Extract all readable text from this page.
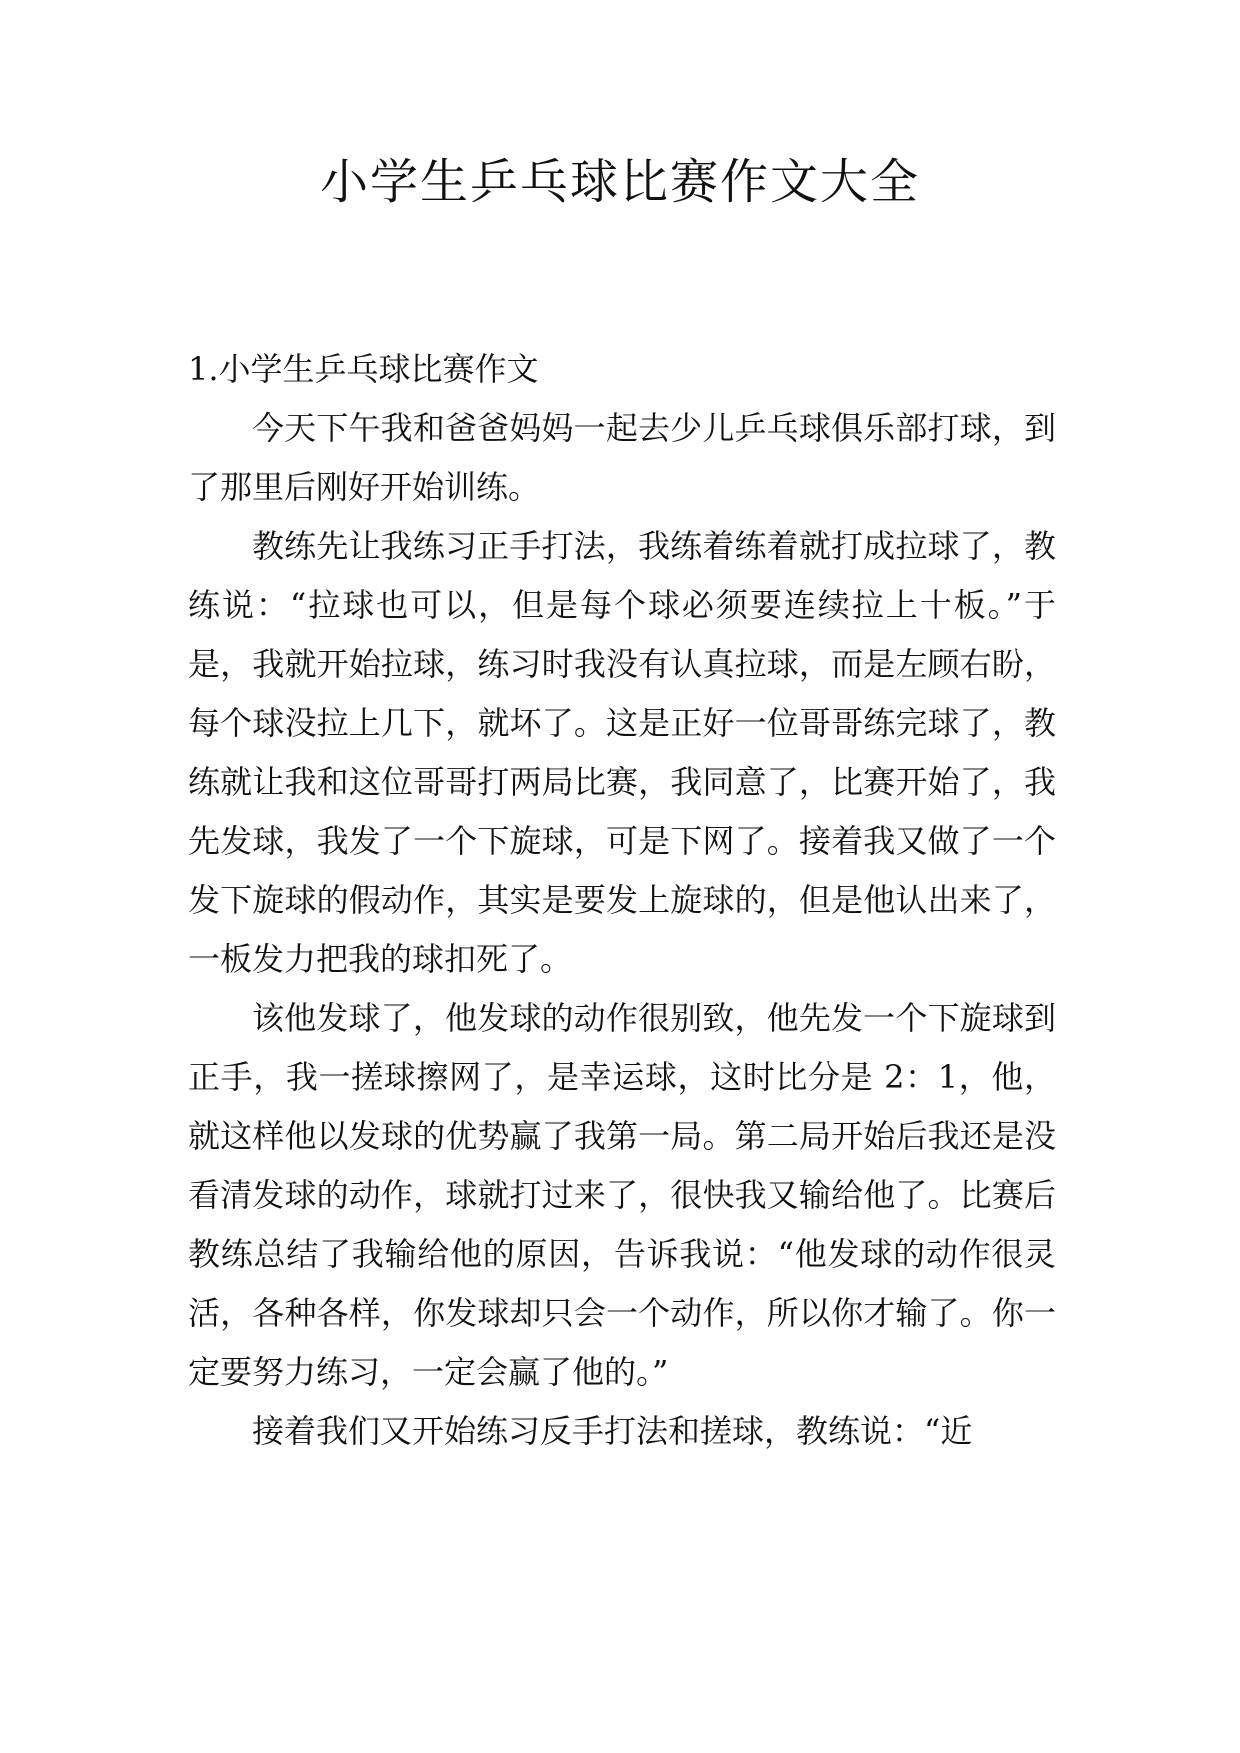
小学生乒乓球比赛作文大全
1.小学生乒乓球比赛作文

今天下午我和爸爸妈妈一起去少儿乒乓球俱乐部打球，到了那里后刚好开始训练。

教练先让我练习正手打法，我练着练着就打成拉球了，教练说：“拉球也可以，但是每个球必须要连续拉上十板。”于是，我就开始拉球，练习时我没有认真拉球，而是左顾右盼，每个球没拉上几下，就坏了。这是正好一位哥哥练完球了，教练就让我和这位哥哥打两局比赛，我同意了，比赛开始了，我先发球，我发了一个下旋球，可是下网了。接着我又做了一个发下旋球的假动作，其实是要发上旋球的，但是他认出来了，一板发力把我的球扣死了。

该他发球了，他发球的动作很别致，他先发一个下旋球到正手，我一搓球擦网了，是幸运球，这时比分是 2：1，他，就这样他以发球的优势赢了我第一局。第二局开始后我还是没看清发球的动作，球就打过来了，很快我又输给他了。比赛后教练总结了我输给他的原因，告诉我说：“他发球的动作很灵活，各种各样，你发球却只会一个动作，所以你才输了。你一定要努力练习，一定会赢了他的。”

接着我们又开始练习反手打法和搓球，教练说：“近
